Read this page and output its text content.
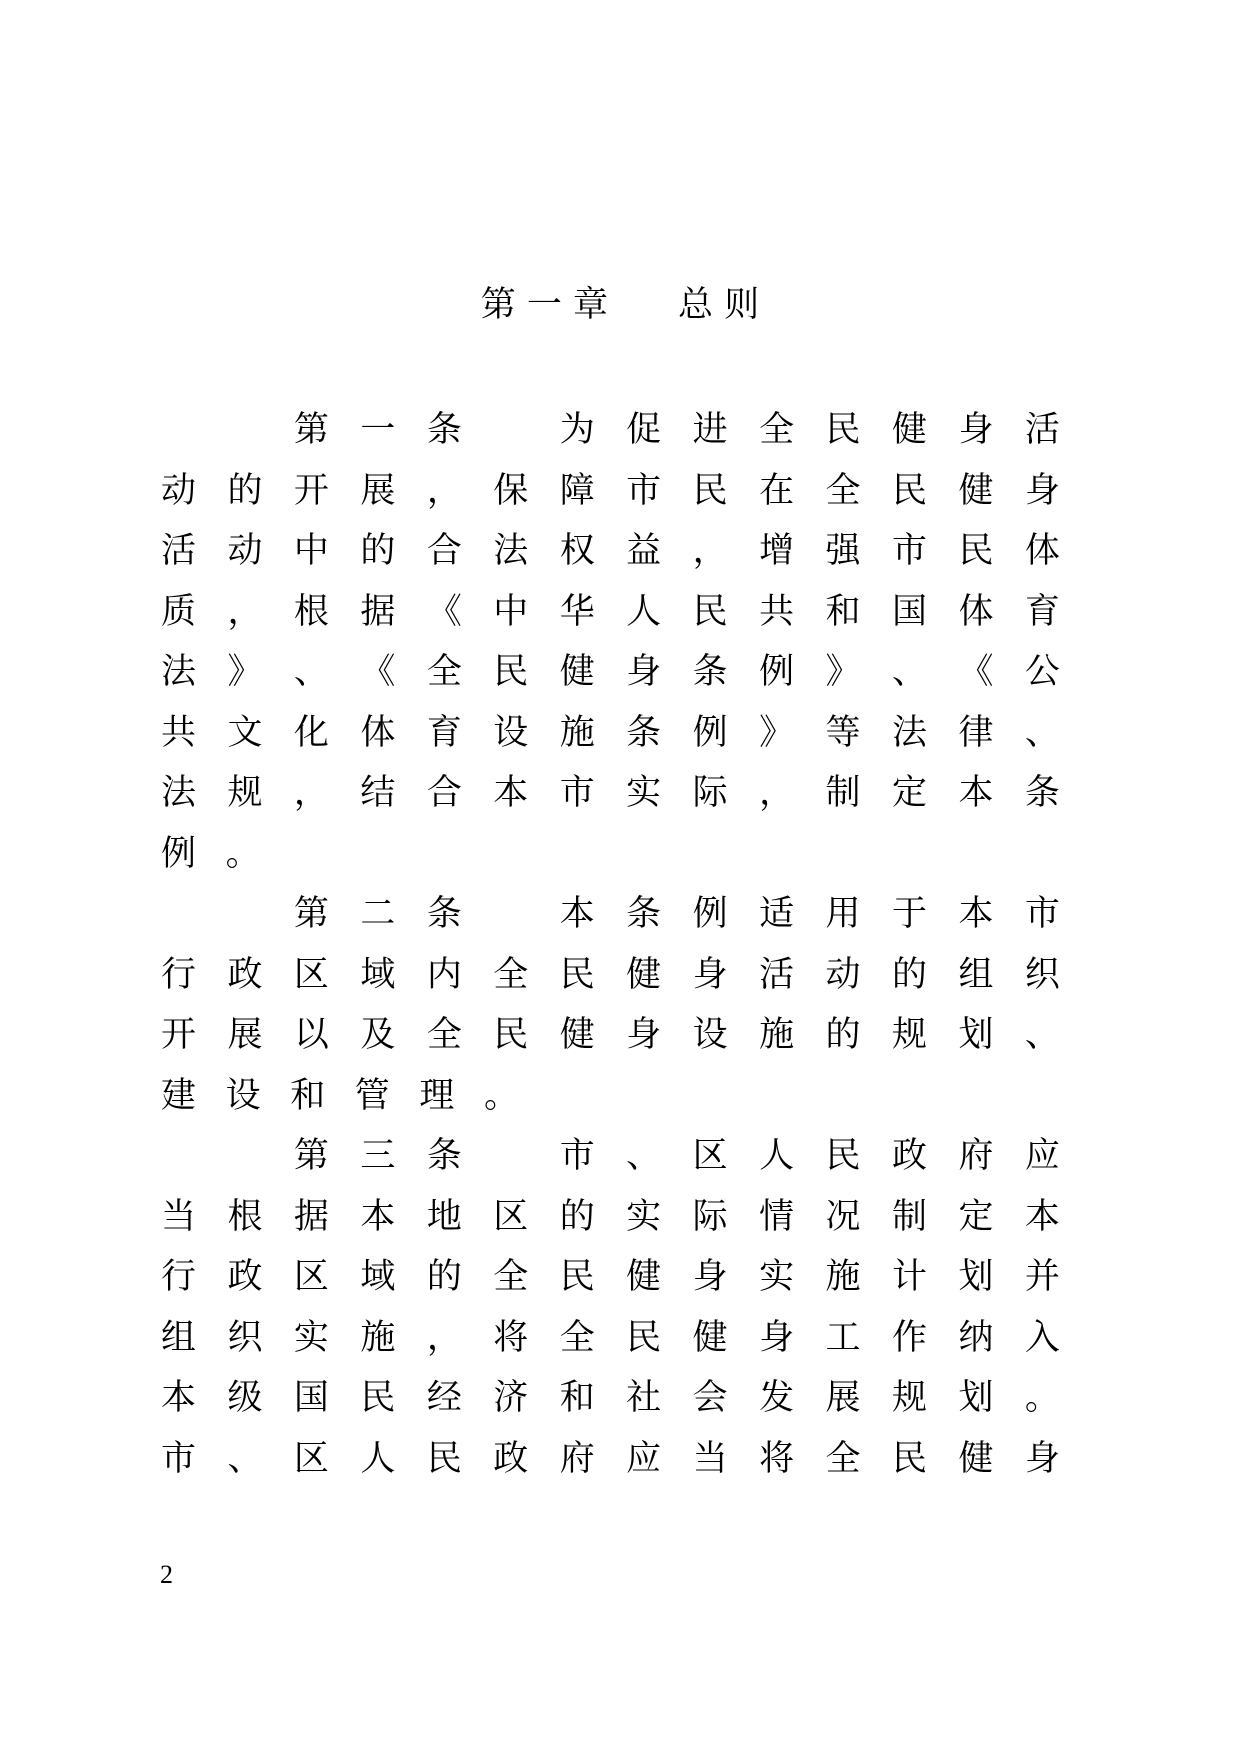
第 一 章　　总 则

第 一 条
　	为 促 进 全 民 健 身 活
动 的 开 展 ， 保 障 市 民 在 全 民 健 身
活 动 中 的 合 法 权 益 ， 增 强 市 民 体
质 ， 根 据 《 中 华 人 民 共 和 国 体 育
法 》 、 《 全 民 健 身 条 例 》 、 《 公
共 文 化 体 育 设 施 条 例 》 等 法 律 、
法 规 ， 结 合 本 市 实 际 ， 制 定 本 条
例 。

第 二 条
　	本 条 例 适 用 于 本 市
行 政 区 域 内 全 民 健 身 活 动 的 组 织
开 展 以 及 全 民 健 身 设 施 的 规 划 、
建 设 和 管 理 。

第 三 条
　	市 、 区 人 民 政 府 应
当 根 据 本 地 区 的 实 际 情 况 制 定 本
行 政 区 域 的 全 民 健 身 实 施 计 划 并
组 织 实 施 ， 将 全 民 健 身 工 作 纳 入
本 级 国 民 经 济 和 社 会 发 展 规 划 。
市 、 区 人 民 政 府 应 当 将 全 民 健 身
2
